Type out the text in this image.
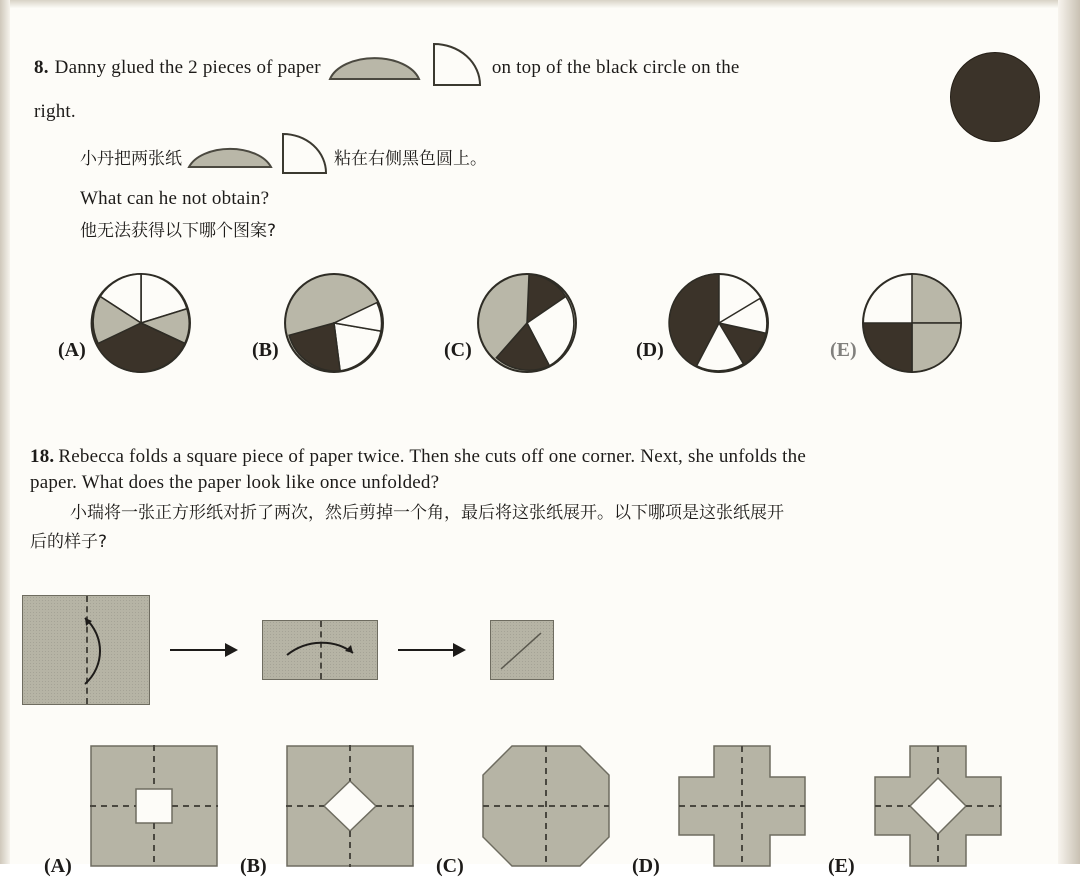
8. Danny glued the 2 pieces of paper	on top of the black circle on the
right.
小丹把两张纸	粘在右侧黑色圆上。
What can he not obtain?
他无法获得以下哪个图案?
(A)	(B)	(C)	(D)	(E)
18. Rebecca folds a square piece of paper twice. Then she cuts off one corner. Next, she unfolds the
paper. What does the paper look like once unfolded?
小瑞将一张正方形纸对折了两次，然后剪掉一个角，最后将这张纸展开。以下哪项是这张纸展开
后的样子?
(A)	(B)	(C)	(D)	(E)
